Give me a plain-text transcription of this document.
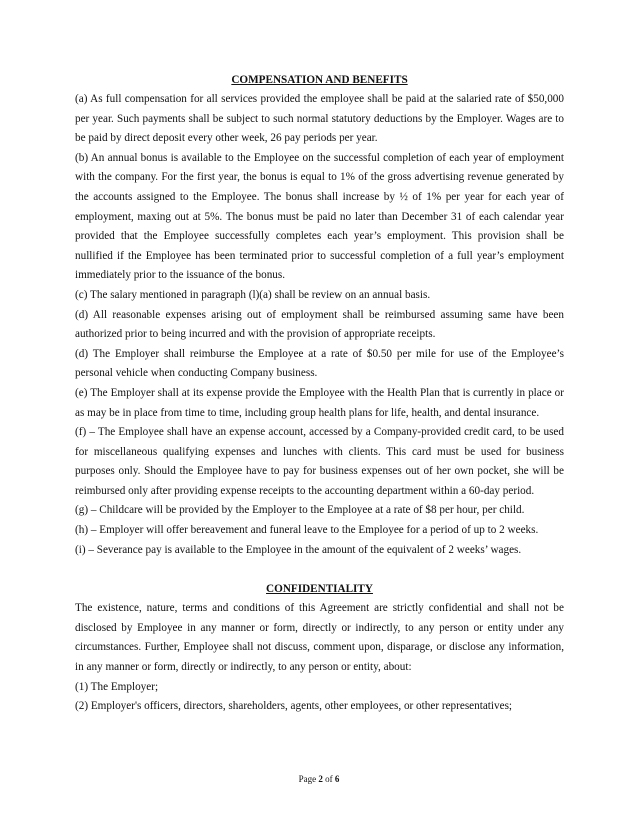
COMPENSATION AND BENEFITS

(a) As full compensation for all services provided the employee shall be paid at the salaried rate of $50,000 per year. Such payments shall be subject to such normal statutory deductions by the Employer. Wages are to be paid by direct deposit every other week, 26 pay periods per year.

(b) An annual bonus is available to the Employee on the successful completion of each year of employment with the company. For the first year, the bonus is equal to 1% of the gross advertising revenue generated by the accounts assigned to the Employee. The bonus shall increase by ½ of 1% per year for each year of employment, maxing out at 5%. The bonus must be paid no later than December 31 of each calendar year provided that the Employee successfully completes each year’s employment. This provision shall be nullified if the Employee has been terminated prior to successful completion of a full year’s employment immediately prior to the issuance of the bonus.

(c) The salary mentioned in paragraph (l)(a) shall be review on an annual basis.

(d) All reasonable expenses arising out of employment shall be reimbursed assuming same have been authorized prior to being incurred and with the provision of appropriate receipts.

(d) The Employer shall reimburse the Employee at a rate of $0.50 per mile for use of the Employee’s personal vehicle when conducting Company business.

(e) The Employer shall at its expense provide the Employee with the Health Plan that is currently in place or as may be in place from time to time, including group health plans for life, health, and dental insurance.

(f) – The Employee shall have an expense account, accessed by a Company-provided credit card, to be used for miscellaneous qualifying expenses and lunches with clients. This card must be used for business purposes only. Should the Employee have to pay for business expenses out of her own pocket, she will be reimbursed only after providing expense receipts to the accounting department within a 60-day period.

(g) – Childcare will be provided by the Employer to the Employee at a rate of $8 per hour, per child.

(h) – Employer will offer bereavement and funeral leave to the Employee for a period of up to 2 weeks.

(i) – Severance pay is available to the Employee in the amount of the equivalent of 2 weeks’ wages.

CONFIDENTIALITY

The existence, nature, terms and conditions of this Agreement are strictly confidential and shall not be disclosed by Employee in any manner or form, directly or indirectly, to any person or entity under any circumstances. Further, Employee shall not discuss, comment upon, disparage, or disclose any information, in any manner or form, directly or indirectly, to any person or entity, about:

(1) The Employer;

(2) Employer's officers, directors, shareholders, agents, other employees, or other representatives;

Page 2 of 6
